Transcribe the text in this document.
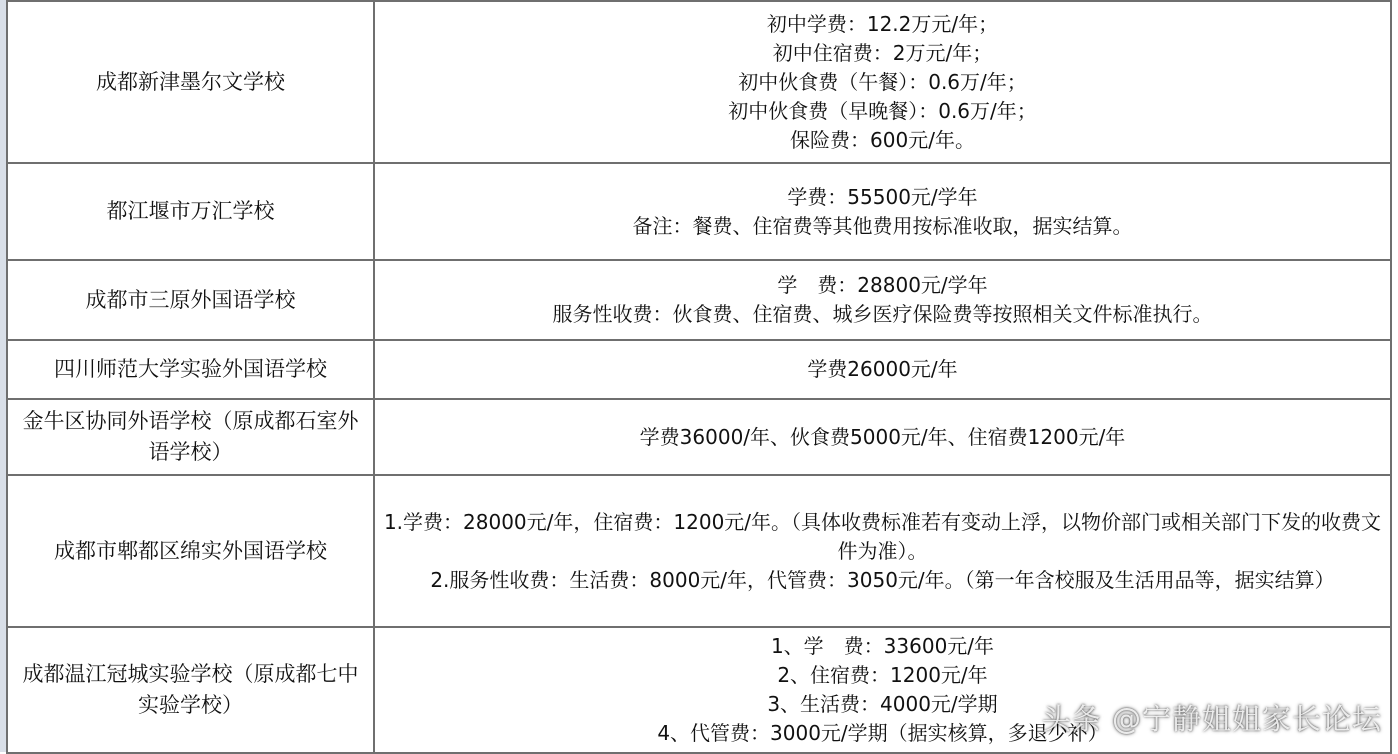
成都新津墨尔文学校	初中学费：12.2万元/年；
初中住宿费：2万元/年；
初中伙食费（午餐）：0.6万/年；
初中伙食费（早晚餐）：0.6万/年；
保险费：600元/年。

都江堰市万汇学校	学费：55500元/学年
备注：餐费、住宿费等其他费用按标准收取，据实结算。

成都市三原外国语学校	学　费：28800元/学年
服务性收费：伙食费、住宿费、城乡医疗保险费等按照相关文件标准执行。

四川师范大学实验外国语学校	学费26000元/年

金牛区协同外语学校（原成都石室外语学校）	学费36000/年、伙食费5000元/年、住宿费1200元/年

成都市郫都区绵实外国语学校	1.学费：28000元/年，住宿费：1200元/年。（具体收费标准若有变动上浮，以物价部门或相关部门下发的收费文件为准）。
2.服务性收费：生活费：8000元/年，代管费：3050元/年。（第一年含校服及生活用品等，据实结算）

成都温江冠城实验学校（原成都七中实验学校）	1、学　费：33600元/年
2、住宿费：1200元/年
3、生活费：4000元/学期
4、代管费：3000元/学期（据实核算，多退少补）
头条 @宁静姐姐家长论坛
